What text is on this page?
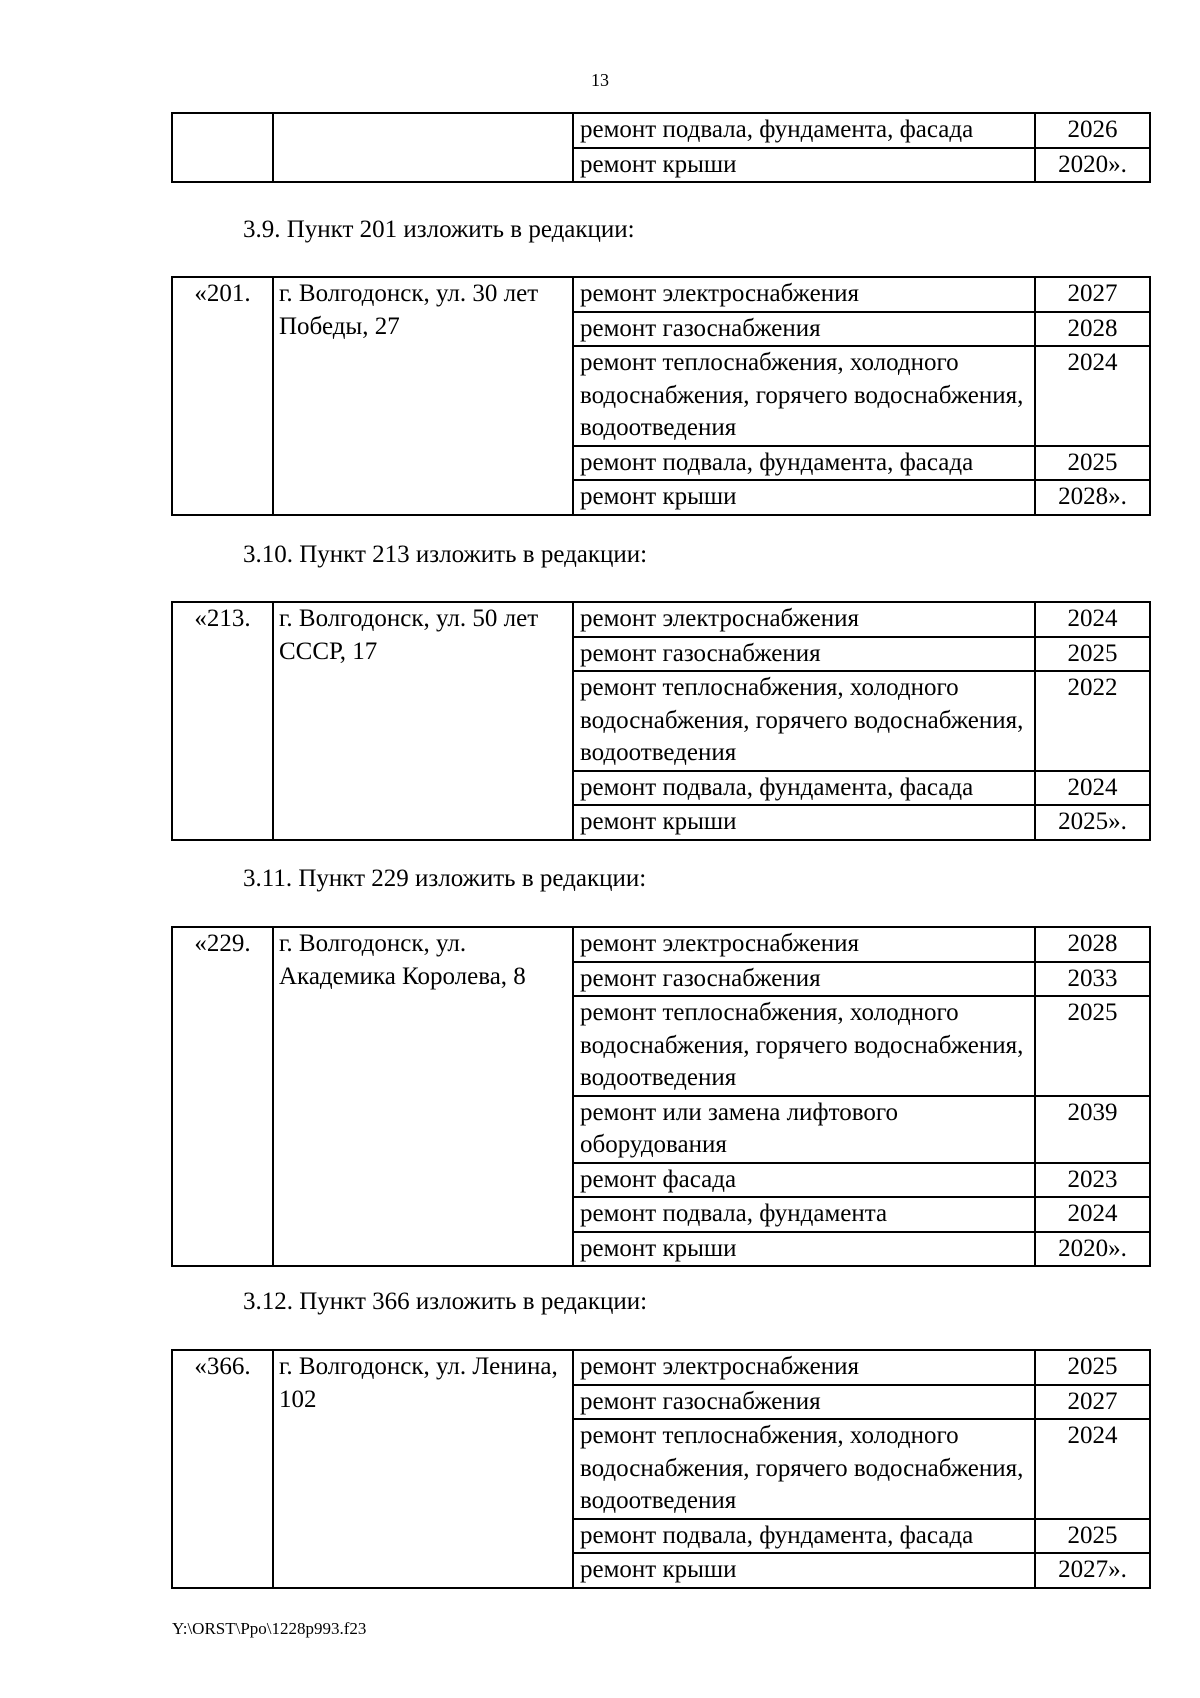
13
		ремонт подвала, фундамента, фасада	2026
		ремонт крыши	2020».
3.9. Пункт 201 изложить в редакции:
«201.	г. Волгодонск, ул. 30 лет Победы, 27	ремонт электроснабжения	2027
		ремонт газоснабжения	2028
		ремонт теплоснабжения, холодного водоснабжения, горячего водоснабжения, водоотведения	2024
		ремонт подвала, фундамента, фасада	2025
		ремонт крыши	2028».
3.10. Пункт 213 изложить в редакции:
«213.	г. Волгодонск, ул. 50 лет СССР, 17	ремонт электроснабжения	2024
		ремонт газоснабжения	2025
		ремонт теплоснабжения, холодного водоснабжения, горячего водоснабжения, водоотведения	2022
		ремонт подвала, фундамента, фасада	2024
		ремонт крыши	2025».
3.11. Пункт 229 изложить в редакции:
«229.	г. Волгодонск, ул. Академика Королева, 8	ремонт электроснабжения	2028
		ремонт газоснабжения	2033
		ремонт теплоснабжения, холодного водоснабжения, горячего водоснабжения, водоотведения	2025
		ремонт или замена лифтового оборудования	2039
		ремонт фасада	2023
		ремонт подвала, фундамента	2024
		ремонт крыши	2020».
3.12. Пункт 366 изложить в редакции:
«366.	г. Волгодонск, ул. Ленина, 102	ремонт электроснабжения	2025
		ремонт газоснабжения	2027
		ремонт теплоснабжения, холодного водоснабжения, горячего водоснабжения, водоотведения	2024
		ремонт подвала, фундамента, фасада	2025
		ремонт крыши	2027».
Y:\ORST\Ppo\1228p993.f23
